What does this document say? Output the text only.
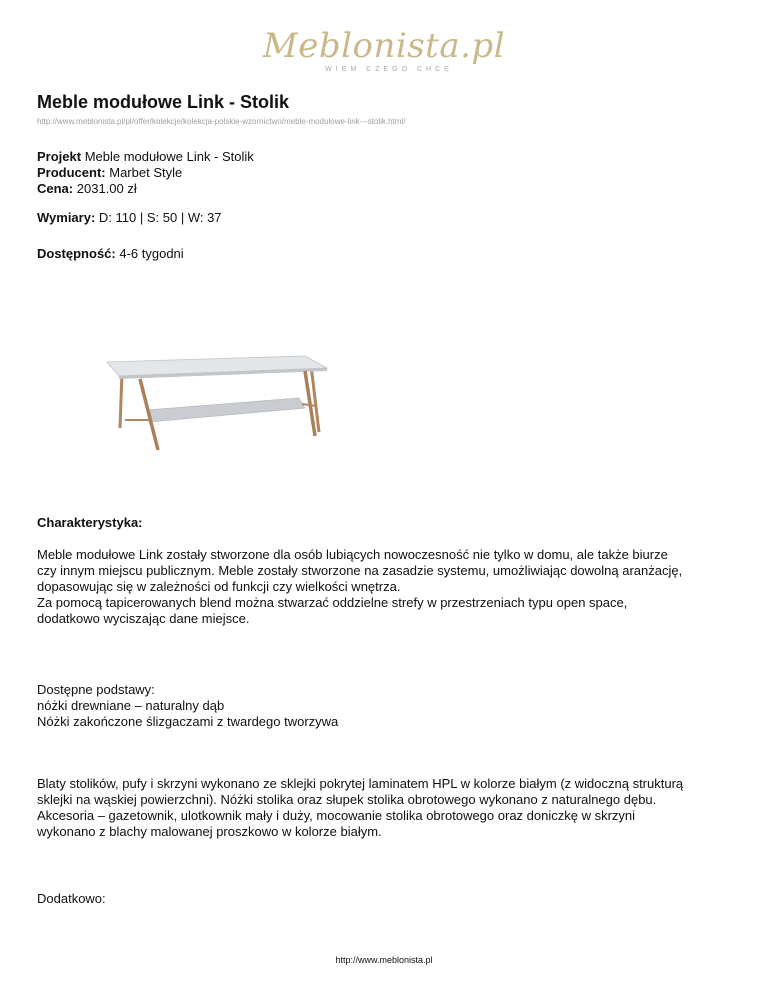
Meblonista.pl
WIEM CZEGO CHCĘ
Meble modułowe Link - Stolik
http://www.meblonista.pl/pl/offer/kolekcje/kolekcja-polskie-wzornictwo/meble-modulowe-link---stolik.html/
Projekt Meble modułowe Link - Stolik
Producent: Marbet Style
Cena: 2031.00 zł
Wymiary: D: 110 | S: 50 | W: 37
Dostępność: 4-6 tygodni
Charakterystyka:
Meble modułowe Link zostały stworzone dla osób lubiących nowoczesność nie tylko w domu, ale także biurze
czy innym miejscu publicznym. Meble zostały stworzone na zasadzie systemu, umożliwiając dowolną aranżację,
dopasowując się w zależności od funkcji czy wielkości wnętrza.
Za pomocą tapicerowanych blend można stwarzać oddzielne strefy w przestrzeniach typu open space,
dodatkowo wyciszając dane miejsce.
Dostępne podstawy:
nóżki drewniane – naturalny dąb
Nóżki zakończone ślizgaczami z twardego tworzywa
Blaty stolików, pufy i skrzyni wykonano ze sklejki pokrytej laminatem HPL w kolorze białym (z widoczną strukturą
sklejki na wąskiej powierzchni). Nóżki stolika oraz słupek stolika obrotowego wykonano z naturalnego dębu.
Akcesoria – gazetownik, ulotkownik mały i duży, mocowanie stolika obrotowego oraz doniczkę w skrzyni
wykonano z blachy malowanej proszkowo w kolorze białym.
Dodatkowo:
http://www.meblonista.pl
